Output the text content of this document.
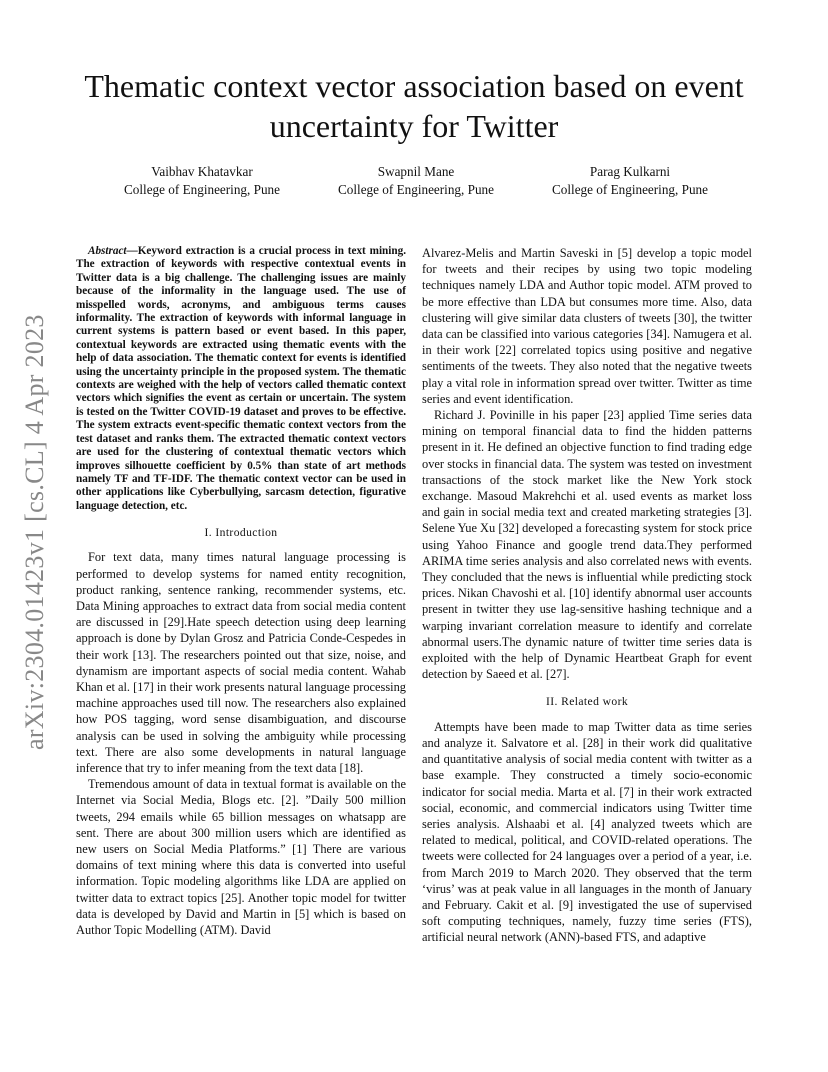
Thematic context vector association based on event uncertainty for Twitter
Vaibhav Khatavkar
College of Engineering, Pune
Swapnil Mane
College of Engineering, Pune
Parag Kulkarni
College of Engineering, Pune
arXiv:2304.01423v1 [cs.CL] 4 Apr 2023

Abstract—Keyword extraction is a crucial process in text mining. The extraction of keywords with respective contextual events in Twitter data is a big challenge. The challenging issues are mainly because of the informality in the language used. The use of misspelled words, acronyms, and ambiguous terms causes informality. The extraction of keywords with informal language in current systems is pattern based or event based. In this paper, contextual keywords are extracted using thematic events with the help of data association. The thematic context for events is identified using the uncertainty principle in the proposed system. The thematic contexts are weighed with the help of vectors called thematic context vectors which signifies the event as certain or uncertain. The system is tested on the Twitter COVID-19 dataset and proves to be effective. The system extracts event-specific thematic context vectors from the test dataset and ranks them. The extracted thematic context vectors are used for the clustering of contextual thematic vectors which improves silhouette coefficient by 0.5% than state of art methods namely TF and TF-IDF. The thematic context vector can be used in other applications like Cyberbullying, sarcasm detection, figurative language detection, etc.

I. Introduction

For text data, many times natural language processing is performed to develop systems for named entity recognition, product ranking, sentence ranking, recommender systems, etc. Data Mining approaches to extract data from social media content are discussed in [29].Hate speech detection using deep learning approach is done by Dylan Grosz and Patricia Conde-Cespedes in their work [13]. The researchers pointed out that size, noise, and dynamism are important aspects of social media content. Wahab Khan et al. [17] in their work presents natural language processing machine approaches used till now. The researchers also explained how POS tagging, word sense disambiguation, and discourse analysis can be used in solving the ambiguity while processing text. There are also some developments in natural language inference that try to infer meaning from the text data [18].

Tremendous amount of data in textual format is available on the Internet via Social Media, Blogs etc. [2]. ”Daily 500 million tweets, 294 emails while 65 billion messages on whatsapp are sent. There are about 300 million users which are identified as new users on Social Media Platforms.” [1] There are various domains of text mining where this data is converted into useful information. Topic modeling algorithms like LDA are applied on twitter data to extract topics [25]. Another topic model for twitter data is developed by David and Martin in [5] which is based on Author Topic Modelling (ATM). David

Alvarez-Melis and Martin Saveski in [5] develop a topic model for tweets and their recipes by using two topic modeling techniques namely LDA and Author topic model. ATM proved to be more effective than LDA but consumes more time. Also, data clustering will give similar data clusters of tweets [30], the twitter data can be classified into various categories [34]. Namugera et al. in their work [22] correlated topics using positive and negative sentiments of the tweets. They also noted that the negative tweets play a vital role in information spread over twitter. Twitter as time series and event identification.

Richard J. Povinille in his paper [23] applied Time series data mining on temporal financial data to find the hidden patterns present in it. He defined an objective function to find trading edge over stocks in financial data. The system was tested on investment transactions of the stock market like the New York stock exchange. Masoud Makrehchi et al. used events as market loss and gain in social media text and created marketing strategies [3]. Selene Yue Xu [32] developed a forecasting system for stock price using Yahoo Finance and google trend data.They performed ARIMA time series analysis and also correlated news with events. They concluded that the news is influential while predicting stock prices. Nikan Chavoshi et al. [10] identify abnormal user accounts present in twitter they use lag-sensitive hashing technique and a warping invariant correlation measure to identify and correlate abnormal users.The dynamic nature of twitter time series data is exploited with the help of Dynamic Heartbeat Graph for event detection by Saeed et al. [27].

II. Related work

Attempts have been made to map Twitter data as time series and analyze it. Salvatore et al. [28] in their work did qualitative and quantitative analysis of social media content with twitter as a base example. They constructed a timely socio-economic indicator for social media. Marta et al. [7] in their work extracted social, economic, and commercial indicators using Twitter time series analysis. Alshaabi et al. [4] analyzed tweets which are related to medical, political, and COVID-related operations. The tweets were collected for 24 languages over a period of a year, i.e. from March 2019 to March 2020. They observed that the term ‘virus’ was at peak value in all languages in the month of January and February. Cakit et al. [9] investigated the use of supervised soft computing techniques, namely, fuzzy time series (FTS), artificial neural network (ANN)-based FTS, and adaptive
